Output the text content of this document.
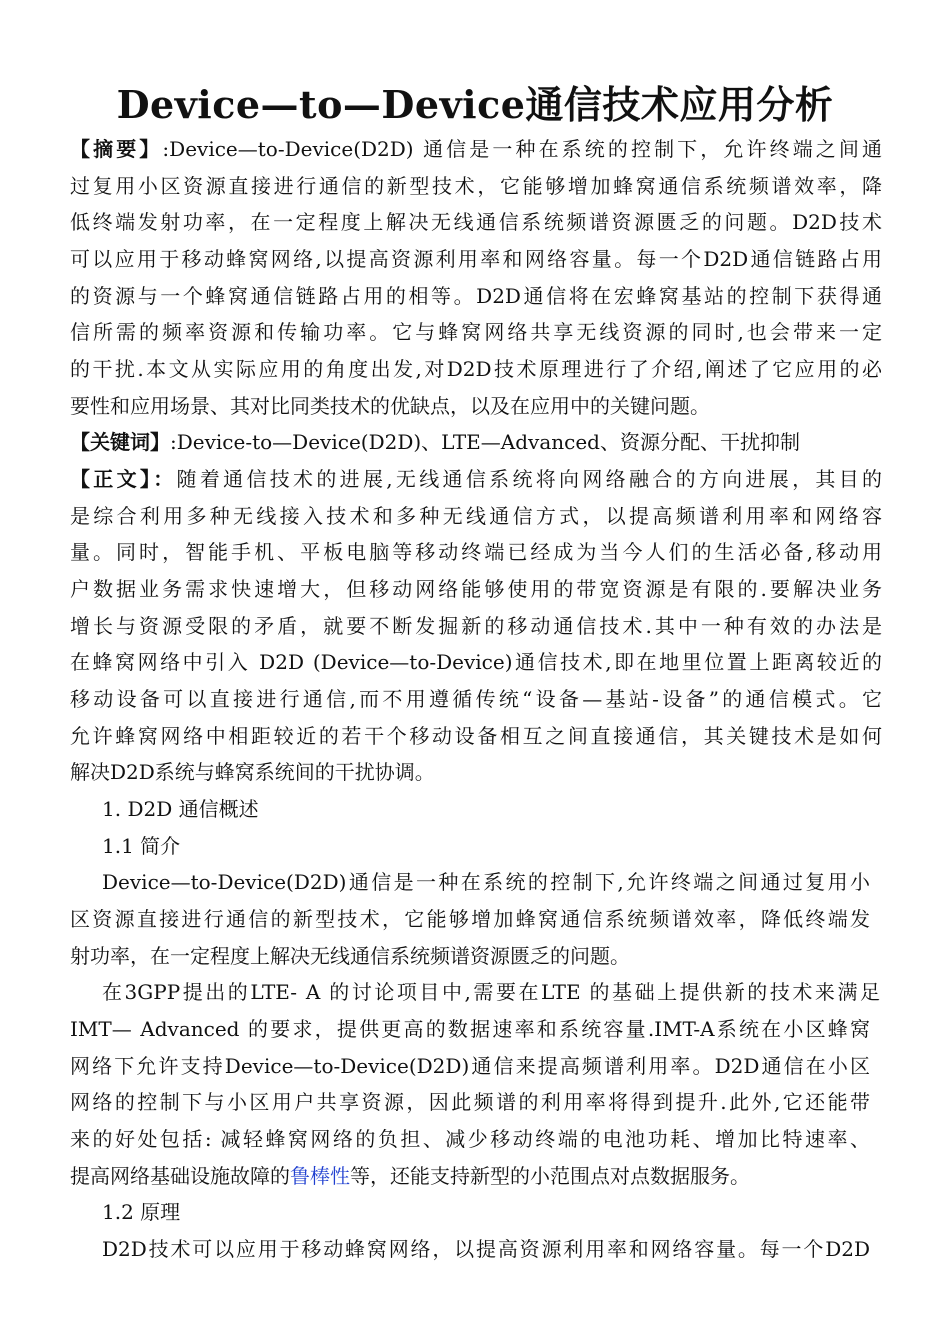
Device—to—Device通信技术应用分析
【摘要】:Device—to-Device(D2D) 通信是一种在系统的控制下，允许终端之间通
过复用小区资源直接进行通信的新型技术，它能够增加蜂窝通信系统频谱效率，降
低终端发射功率，在一定程度上解决无线通信系统频谱资源匮乏的问题。D2D技术
可以应用于移动蜂窝网络,以提高资源利用率和网络容量。每一个D2D通信链路占用
的资源与一个蜂窝通信链路占用的相等。D2D通信将在宏蜂窝基站的控制下获得通
信所需的频率资源和传输功率。它与蜂窝网络共享无线资源的同时,也会带来一定
的干扰.本文从实际应用的角度出发,对D2D技术原理进行了介绍,阐述了它应用的必
要性和应用场景、其对比同类技术的优缺点，以及在应用中的关键问题。
【关键词】:Device-to—Device(D2D)、LTE—Advanced、资源分配、干扰抑制
【正文】：随着通信技术的进展,无线通信系统将向网络融合的方向进展，其目的
是综合利用多种无线接入技术和多种无线通信方式，以提高频谱利用率和网络容
量。同时，智能手机、平板电脑等移动终端已经成为当今人们的生活必备,移动用
户数据业务需求快速增大，但移动网络能够使用的带宽资源是有限的.要解决业务
增长与资源受限的矛盾，就要不断发掘新的移动通信技术.其中一种有效的办法是
在蜂窝网络中引入 D2D (Device—to-Device)通信技术,即在地里位置上距离较近的
移动设备可以直接进行通信,而不用遵循传统“设备—基站-设备”的通信模式。它
允许蜂窝网络中相距较近的若干个移动设备相互之间直接通信，其关键技术是如何
解决D2D系统与蜂窝系统间的干扰协调。
1. D2D 通信概述
1.1 简介
Device—to-Device(D2D)通信是一种在系统的控制下,允许终端之间通过复用小
区资源直接进行通信的新型技术，它能够增加蜂窝通信系统频谱效率，降低终端发
射功率，在一定程度上解决无线通信系统频谱资源匮乏的问题。
在3GPP提出的LTE- A 的讨论项目中,需要在LTE 的基础上提供新的技术来满足
IMT— Advanced 的要求，提供更高的数据速率和系统容量.IMT-A系统在小区蜂窝
网络下允许支持Device—to-Device(D2D)通信来提高频谱利用率。D2D通信在小区
网络的控制下与小区用户共享资源，因此频谱的利用率将得到提升.此外,它还能带
来的好处包括: 减轻蜂窝网络的负担、减少移动终端的电池功耗、增加比特速率、
提高网络基础设施故障的鲁棒性等，还能支持新型的小范围点对点数据服务。
1.2 原理
D2D技术可以应用于移动蜂窝网络，以提高资源利用率和网络容量。每一个D2D
